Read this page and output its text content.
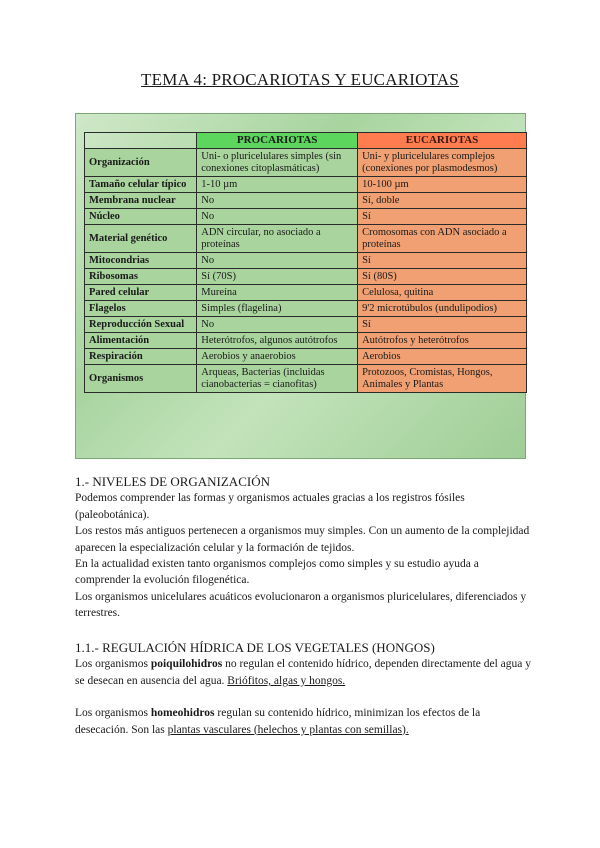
TEMA 4: PROCARIOTAS Y EUCARIOTAS
	PROCARIOTAS	EUCARIOTAS
Organización	Uni- o pluricelulares simples (sin conexiones citoplasmáticas)	Uni- y pluricelulares complejos (conexiones por plasmodesmos)
Tamaño celular típico	1-10 µm	10-100 µm
Membrana nuclear	No	Sí, doble
Núcleo	No	Sí
Material genético	ADN circular, no asociado a proteínas	Cromosomas con ADN asociado a proteínas
Mitocondrias	No	Sí
Ribosomas	Sí (70S)	Sí (80S)
Pared celular	Mureína	Celulosa, quitina
Flagelos	Simples (flagelina)	9'2 microtúbulos (undulipodios)
Reproducción Sexual	No	Sí
Alimentación	Heterótrofos, algunos autótrofos	Autótrofos y heterótrofos
Respiración	Aerobios y anaerobios	Aerobios
Organismos	Arqueas, Bacterias (incluidas cianobacterias = cianofitas)	Protozoos, Cromistas, Hongos, Animales y Plantas

1.- NIVELES DE ORGANIZACIÓN

Podemos comprender las formas y organismos actuales gracias a los registros fósiles (paleobotánica).

Los restos más antiguos pertenecen a organismos muy simples. Con un aumento de la complejidad aparecen la especialización celular y la formación de tejidos.

En la actualidad existen tanto organismos complejos como simples y su estudio ayuda a comprender la evolución filogenética.

Los organismos unicelulares acuáticos evolucionaron a organismos pluricelulares, diferenciados y terrestres.

1.1.- REGULACIÓN HÍDRICA DE LOS VEGETALES (HONGOS)

Los organismos poiquilohidros no regulan el contenido hídrico, dependen directamente del agua y se desecan en ausencia del agua. Briófitos, algas y hongos.

Los organismos homeohidros regulan su contenido hídrico, minimizan los efectos de la desecación. Son las plantas vasculares (helechos y plantas con semillas).
